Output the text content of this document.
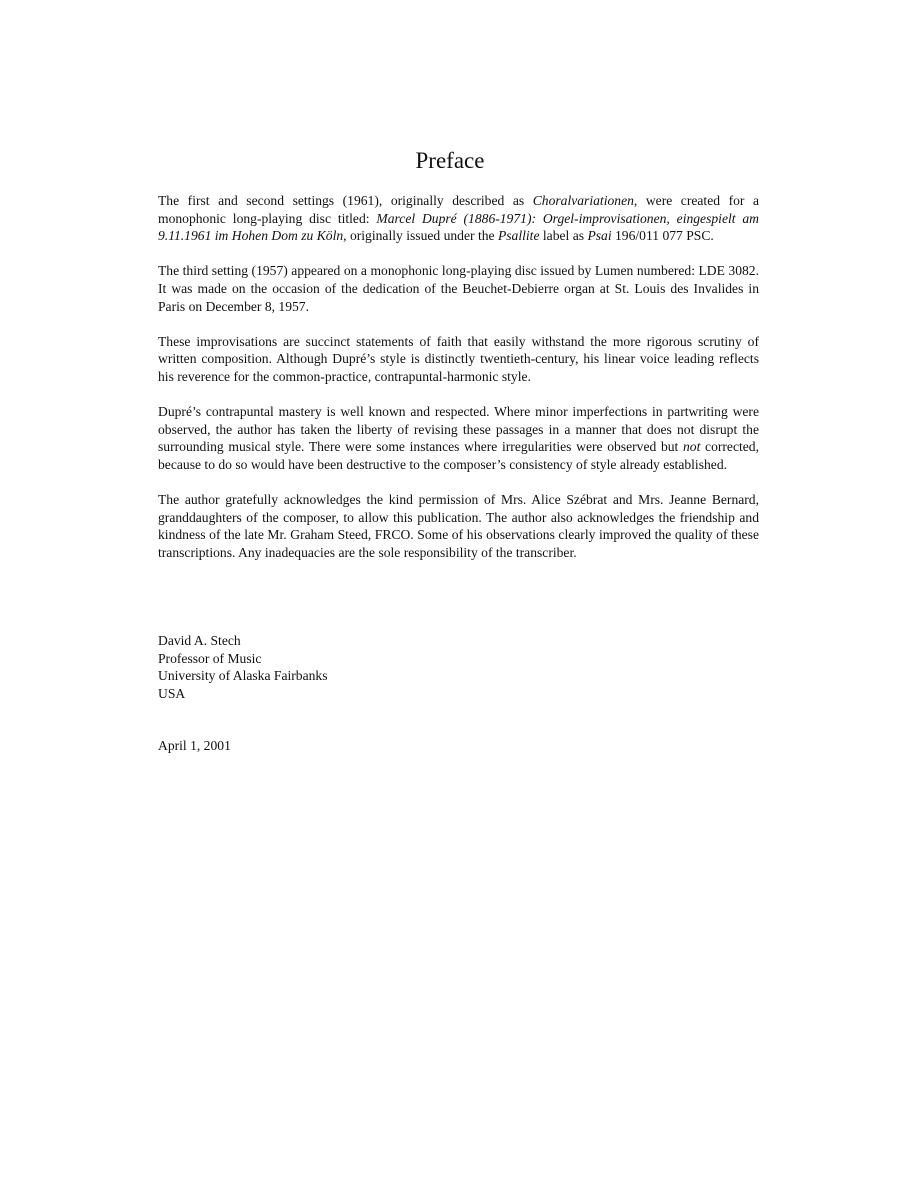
Preface

The first and second settings (1961), originally described as Choralvariationen, were created for a monophonic long-playing disc titled: Marcel Dupré (1886-1971): Orgel-improvisationen, eingespielt am 9.11.1961 im Hohen Dom zu Köln, originally issued under the Psallite label as Psai 196/011 077 PSC.

The third setting (1957) appeared on a monophonic long-playing disc issued by Lumen numbered: LDE 3082. It was made on the occasion of the dedication of the Beuchet-Debierre organ at St. Louis des Invalides in Paris on December 8, 1957.

These improvisations are succinct statements of faith that easily withstand the more rigorous scrutiny of written composition. Although Dupré’s style is distinctly twentieth-century, his linear voice leading reflects his reverence for the common-practice, contrapuntal-harmonic style.

Dupré’s contrapuntal mastery is well known and respected. Where minor imperfections in partwriting were observed, the author has taken the liberty of revising these passages in a manner that does not disrupt the surrounding musical style. There were some instances where irregularities were observed but not corrected, because to do so would have been destructive to the composer’s consistency of style already established.

The author gratefully acknowledges the kind permission of Mrs. Alice Szébrat and Mrs. Jeanne Bernard, granddaughters of the composer, to allow this publication. The author also acknowledges the friendship and kindness of the late Mr. Graham Steed, FRCO. Some of his observations clearly improved the quality of these transcriptions. Any inadequacies are the sole responsibility of the transcriber.

David A. Stech
Professor of Music
University of Alaska Fairbanks
USA
April 1, 2001
